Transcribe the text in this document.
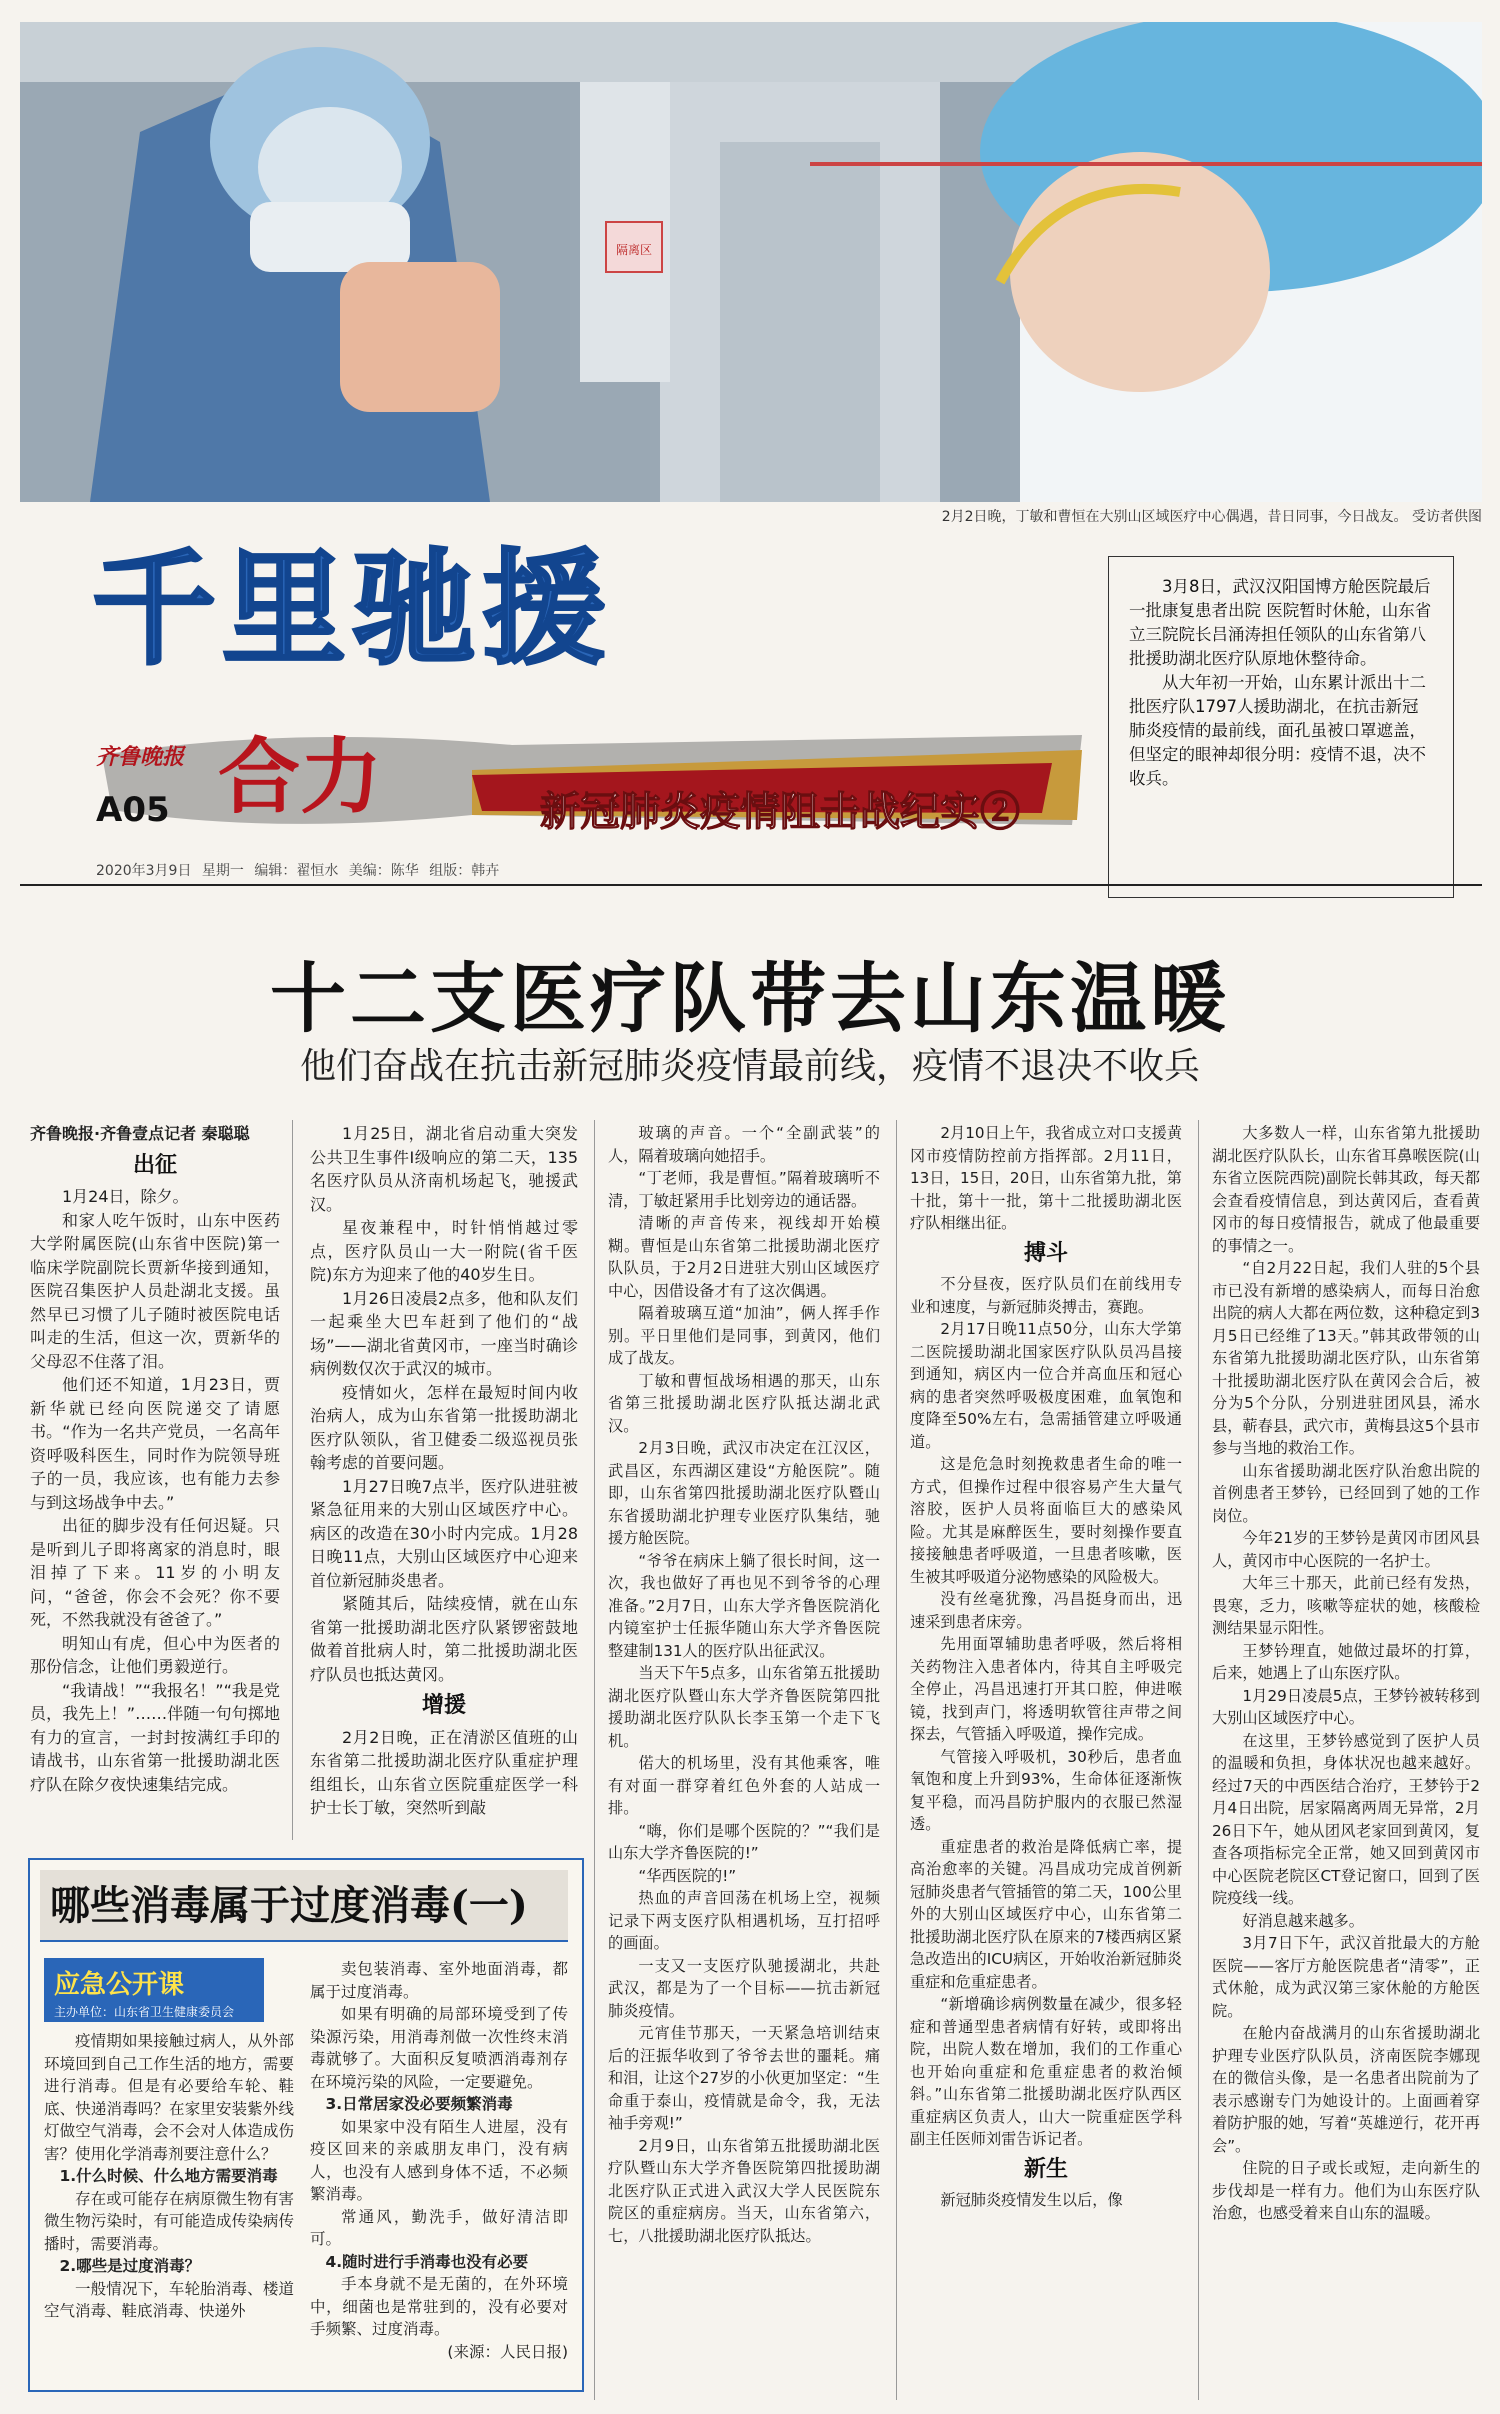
隔离区
2月2日晚，丁敏和曹恒在大别山区域医疗中心偶遇，昔日同事，今日战友。 受访者供图
千里驰援
齐鲁晚报
A05 合力	新冠肺炎疫情阻击战纪实②
2020年3月9日 星期一 编辑：翟恒水 美编：陈华 组版：韩卉

3月8日，武汉汉阳国博方舱医院最后一批康复患者出院 医院暂时休舱，山东省立三院院长吕涌涛担任领队的山东省第八批援助湖北医疗队原地休整待命。

从大年初一开始，山东累计派出十二批医疗队1797人援助湖北，在抗击新冠肺炎疫情的最前线，面孔虽被口罩遮盖，但坚定的眼神却很分明：疫情不退，决不收兵。

十二支医疗队带去山东温暖
他们奋战在抗击新冠肺炎疫情最前线，疫情不退决不收兵

齐鲁晚报·齐鲁壹点记者 秦聪聪

出征

1月24日，除夕。

和家人吃午饭时，山东中医药大学附属医院(山东省中医院)第一临床学院副院长贾新华接到通知，医院召集医护人员赴湖北支援。虽然早已习惯了儿子随时被医院电话叫走的生活，但这一次，贾新华的父母忍不住落了泪。

他们还不知道，1月23日，贾新华就已经向医院递交了请愿书。“作为一名共产党员，一名高年资呼吸科医生，同时作为院领导班子的一员，我应该，也有能力去参与到这场战争中去。”

出征的脚步没有任何迟疑。只是听到儿子即将离家的消息时，眼泪掉了下来。11岁的小明友问，“爸爸，你会不会死？你不要死，不然我就没有爸爸了。”

明知山有虎，但心中为医者的那份信念，让他们勇毅逆行。

“我请战！”“我报名！”“我是党员，我先上！”……伴随一句句掷地有力的宣言，一封封按满红手印的请战书，山东省第一批援助湖北医疗队在除夕夜快速集结完成。

1月25日，湖北省启动重大突发公共卫生事件Ⅰ级响应的第二天，135名医疗队员从济南机场起飞，驰援武汉。

星夜兼程中，时针悄悄越过零点，医疗队员山一大一附院(省千医院)东方为迎来了他的40岁生日。

1月26日凌晨2点多，他和队友们一起乘坐大巴车赶到了他们的“战场”——湖北省黄冈市，一座当时确诊病例数仅次于武汉的城市。

疫情如火，怎样在最短时间内收治病人，成为山东省第一批援助湖北医疗队领队，省卫健委二级巡视员张翰考虑的首要问题。

1月27日晚7点半，医疗队进驻被紧急征用来的大别山区域医疗中心。病区的改造在30小时内完成。1月28日晚11点，大别山区域医疗中心迎来首位新冠肺炎患者。

紧随其后，陆续疫情，就在山东省第一批援助湖北医疗队紧锣密鼓地做着首批病人时，第二批援助湖北医疗队员也抵达黄冈。

增援

2月2日晚，正在清淤区值班的山东省第二批援助湖北医疗队重症护理组组长，山东省立医院重症医学一科护士长丁敏，突然听到敲

玻璃的声音。一个“全副武装”的人，隔着玻璃向她招手。

“丁老师，我是曹恒。”隔着玻璃听不清，丁敏赶紧用手比划旁边的通话器。

清晰的声音传来，视线却开始模糊。曹恒是山东省第二批援助湖北医疗队队员，于2月2日进驻大别山区域医疗中心，因借设备才有了这次偶遇。

隔着玻璃互道“加油”，俩人挥手作别。平日里他们是同事，到黄冈，他们成了战友。

丁敏和曹恒战场相遇的那天，山东省第三批援助湖北医疗队抵达湖北武汉。

2月3日晚，武汉市决定在江汉区，武昌区，东西湖区建设“方舱医院”。随即，山东省第四批援助湖北医疗队暨山东省援助湖北护理专业医疗队集结，驰援方舱医院。

“爷爷在病床上躺了很长时间，这一次，我也做好了再也见不到爷爷的心理准备。”2月7日，山东大学齐鲁医院消化内镜室护士任振华随山东大学齐鲁医院整建制131人的医疗队出征武汉。

当天下午5点多，山东省第五批援助湖北医疗队暨山东大学齐鲁医院第四批援助湖北医疗队队长李玉第一个走下飞机。

偌大的机场里，没有其他乘客，唯有对面一群穿着红色外套的人站成一排。

“嗨，你们是哪个医院的？”“我们是山东大学齐鲁医院的!”

“华西医院的!”

热血的声音回荡在机场上空，视频记录下两支医疗队相遇机场，互打招呼的画面。

一支又一支医疗队驰援湖北，共赴武汉，都是为了一个目标——抗击新冠肺炎疫情。

元宵佳节那天，一天紧急培训结束后的汪振华收到了爷爷去世的噩耗。痛和泪，让这个27岁的小伙更加坚定：“生命重于泰山，疫情就是命令，我，无法袖手旁观!”

2月9日，山东省第五批援助湖北医疗队暨山东大学齐鲁医院第四批援助湖北医疗队正式进入武汉大学人民医院东院区的重症病房。当天，山东省第六，七，八批援助湖北医疗队抵达。

2月10日上午，我省成立对口支援黄冈市疫情防控前方指挥部。2月11日，13日，15日，20日，山东省第九批，第十批，第十一批，第十二批援助湖北医疗队相继出征。

搏斗

不分昼夜，医疗队员们在前线用专业和速度，与新冠肺炎搏击，赛跑。

2月17日晚11点50分，山东大学第二医院援助湖北国家医疗队队员冯昌接到通知，病区内一位合并高血压和冠心病的患者突然呼吸极度困难，血氧饱和度降至50%左右，急需插管建立呼吸通道。

这是危急时刻挽救患者生命的唯一方式，但操作过程中很容易产生大量气溶胶，医护人员将面临巨大的感染风险。尤其是麻醉医生，要时刻操作要直接接触患者呼吸道，一旦患者咳嗽，医生被其呼吸道分泌物感染的风险极大。

没有丝毫犹豫，冯昌挺身而出，迅速采到患者床旁。

先用面罩辅助患者呼吸，然后将相关药物注入患者体内，待其自主呼吸完全停止，冯昌迅速打开其口腔，伸进喉镜，找到声门，将透明软管往声带之间探去，气管插入呼吸道，操作完成。

气管接入呼吸机，30秒后，患者血氧饱和度上升到93%，生命体征逐渐恢复平稳，而冯昌防护服内的衣服已然湿透。

重症患者的救治是降低病亡率，提高治愈率的关键。冯昌成功完成首例新冠肺炎患者气管插管的第二天，100公里外的大别山区域医疗中心，山东省第二批援助湖北医疗队在原来的7楼西病区紧急改造出的ICU病区，开始收治新冠肺炎重症和危重症患者。

“新增确诊病例数量在减少，很多轻症和普通型患者病情有好转，或即将出院，出院人数在增加，我们的工作重心也开始向重症和危重症患者的救治倾斜。”山东省第二批援助湖北医疗队西区重症病区负责人，山大一院重症医学科副主任医师刘雷告诉记者。

新生

新冠肺炎疫情发生以后，像

大多数人一样，山东省第九批援助湖北医疗队队长，山东省耳鼻喉医院(山东省立医院西院)副院长韩其政，每天都会查看疫情信息，到达黄冈后，查看黄冈市的每日疫情报告，就成了他最重要的事情之一。

“自2月22日起，我们人驻的5个县市已没有新增的感染病人，而每日治愈出院的病人大都在两位数，这种稳定到3月5日已经维了13天。”韩其政带领的山东省第九批援助湖北医疗队，山东省第十批援助湖北医疗队在黄冈会合后，被分为5个分队，分别进驻团风县，浠水县，蕲春县，武穴市，黄梅县这5个县市参与当地的救治工作。

山东省援助湖北医疗队治愈出院的首例患者王梦钤，已经回到了她的工作岗位。

今年21岁的王梦钤是黄冈市团风县人，黄冈市中心医院的一名护士。

大年三十那天，此前已经有发热，畏寒，乏力，咳嗽等症状的她，核酸检测结果显示阳性。

王梦钤理直，她做过最坏的打算，后来，她遇上了山东医疗队。

1月29日凌晨5点，王梦钤被转移到大别山区域医疗中心。

在这里，王梦钤感觉到了医护人员的温暖和负担，身体状况也越来越好。经过7天的中西医结合治疗，王梦钤于2月4日出院，居家隔离两周无异常，2月26日下午，她从团风老家回到黄冈，复查各项指标完全正常，她又回到黄冈市中心医院老院区CT登记窗口，回到了医院疫线一线。

好消息越来越多。

3月7日下午，武汉首批最大的方舱医院——客厅方舱医院患者“清零”，正式休舱，成为武汉第三家休舱的方舱医院。

在舱内奋战满月的山东省援助湖北护理专业医疗队队员，济南医院李娜现在的微信头像，是一名患者出院前为了表示感谢专门为她设计的。上面画着穿着防护服的她，写着“英雄逆行，花开再会”。

住院的日子或长或短，走向新生的步伐却是一样有力。他们为山东医疗队治愈，也感受着来自山东的温暖。

哪些消毒属于过度消毒(一)
应急公开课
主办单位：山东省卫生健康委员会

疫情期如果接触过病人，从外部环境回到自己工作生活的地方，需要进行消毒。但是有必要给车轮、鞋底、快递消毒吗？在家里安装紫外线灯做空气消毒，会不会对人体造成伤害？使用化学消毒剂要注意什么？

1.什么时候、什么地方需要消毒

存在或可能存在病原微生物有害微生物污染时，有可能造成传染病传播时，需要消毒。

2.哪些是过度消毒？

一般情况下，车轮胎消毒、楼道空气消毒、鞋底消毒、快递外

卖包装消毒、室外地面消毒，都属于过度消毒。

如果有明确的局部环境受到了传染源污染，用消毒剂做一次性终末消毒就够了。大面积反复喷洒消毒剂存在环境污染的风险，一定要避免。

3.日常居家没必要频繁消毒

如果家中没有陌生人进屋，没有疫区回来的亲戚朋友串门，没有病人，也没有人感到身体不适，不必频繁消毒。

常通风，勤洗手，做好清洁即可。

4.随时进行手消毒也没有必要

手本身就不是无菌的，在外环境中，细菌也是常驻到的，没有必要对手频繁、过度消毒。

(来源：人民日报)
